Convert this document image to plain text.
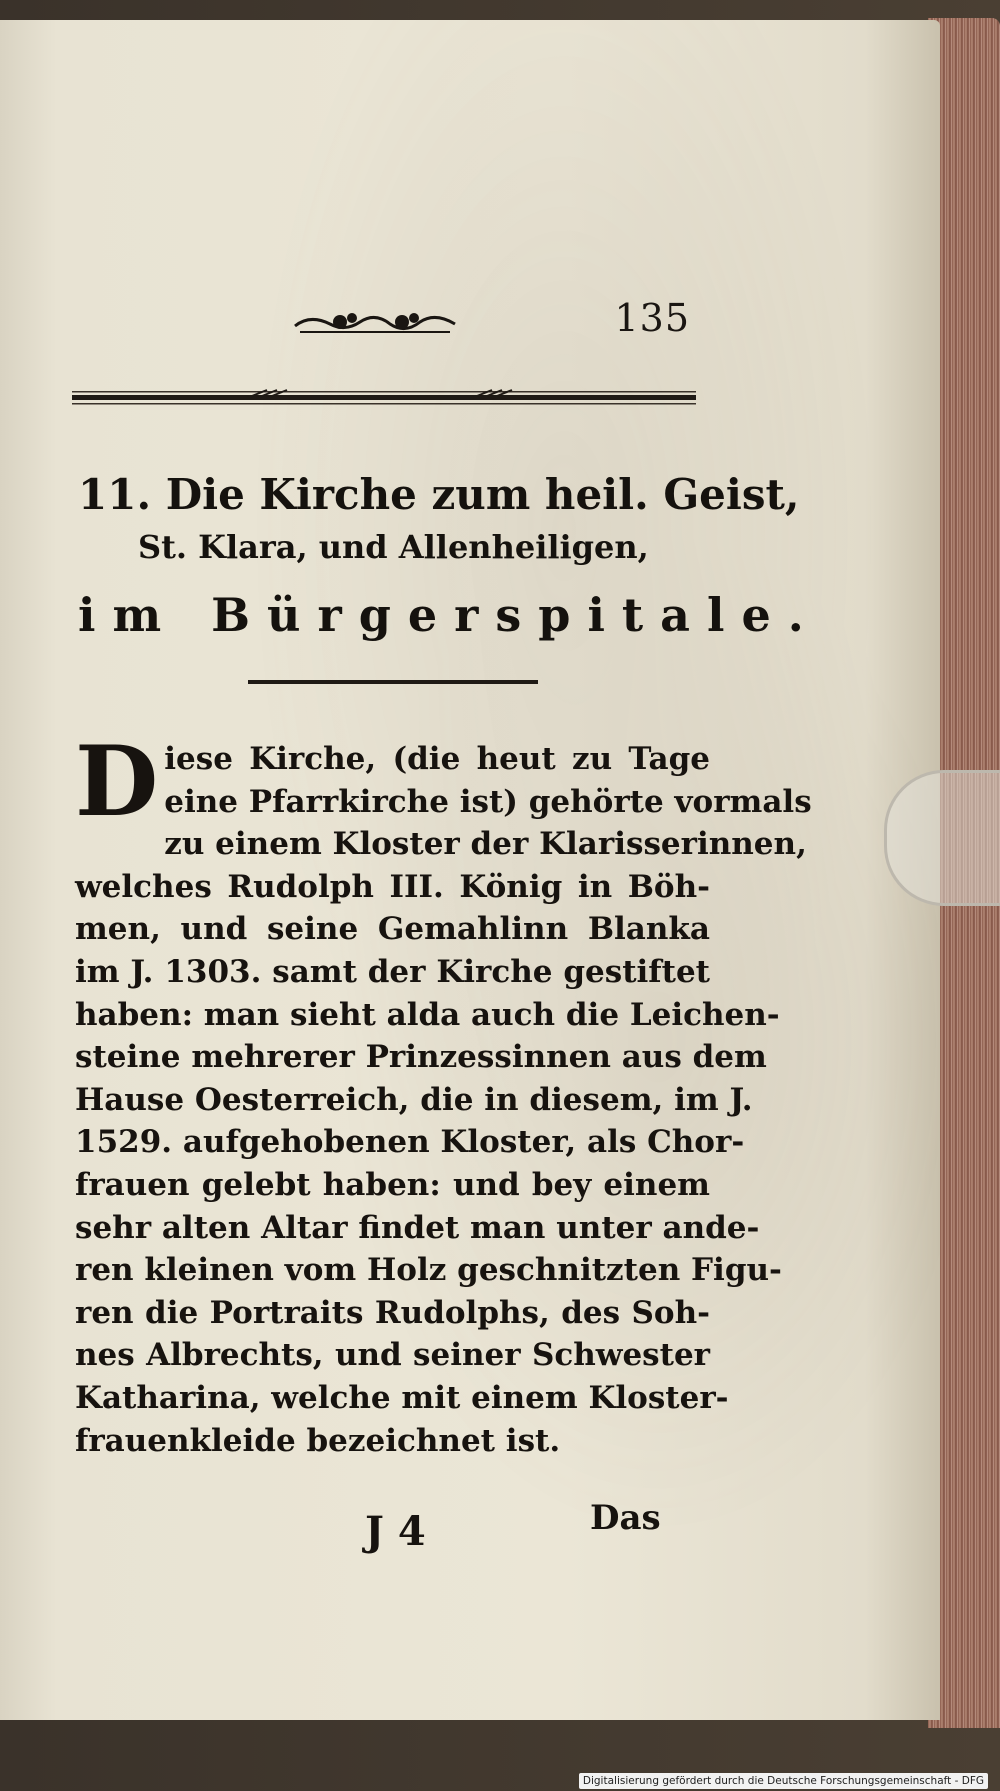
135
11. Die Kirche zum heil. Geist,
St. Klara, und Allenheiligen,
im Bürgerspitale.
D iese Kirche, (die heut zu Tage
eine Pfarrkirche ist) gehörte vormals
zu einem Kloster der Klarisserinnen,
welches Rudolph III. König in Böh-
men, und seine Gemahlinn Blanka
im J. 1303. samt der Kirche gestiftet
haben: man sieht alda auch die Leichen-
steine mehrerer Prinzessinnen aus dem
Hause Oesterreich, die in diesem, im J.
1529. aufgehobenen Kloster, als Chor-
frauen gelebt haben: und bey einem
sehr alten Altar findet man unter ande-
ren kleinen vom Holz geschnitzten Figu-
ren die Portraits Rudolphs, des Soh-
nes Albrechts, und seiner Schwester
Katharina, welche mit einem Kloster-
frauenkleide bezeichnet ist.
J 4	Das
Digitalisierung gefördert durch die Deutsche Forschungsgemeinschaft - DFG
